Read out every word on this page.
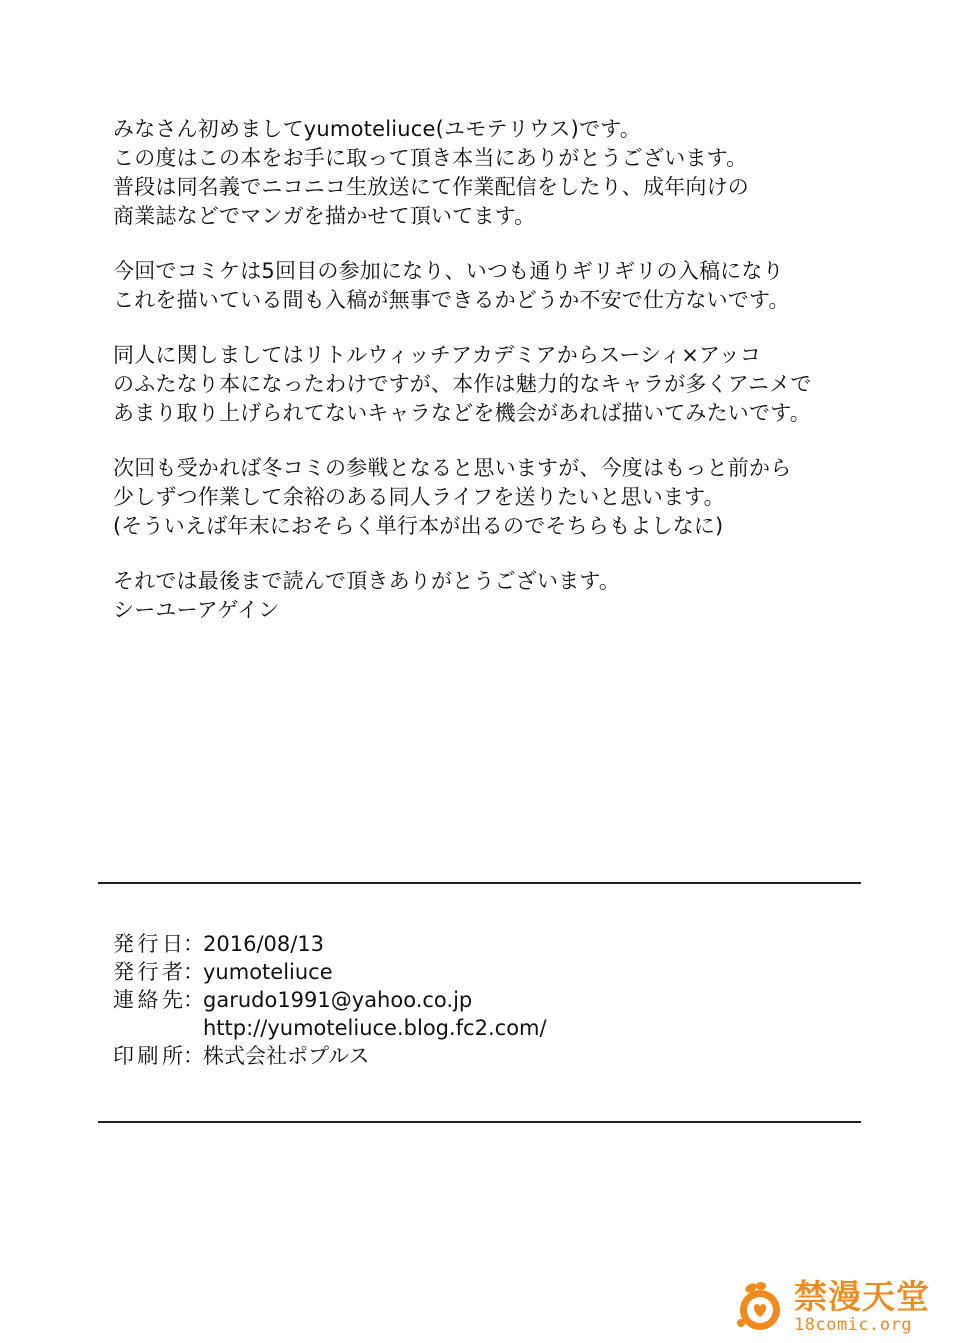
みなさん初めましてyumoteliuce(ユモテリウス)です。
この度はこの本をお手に取って頂き本当にありがとうございます。
普段は同名義でニコニコ生放送にて作業配信をしたり、成年向けの
商業誌などでマンガを描かせて頂いてます。
今回でコミケは5回目の参加になり、いつも通りギリギリの入稿になり
これを描いている間も入稿が無事できるかどうか不安で仕方ないです。
同人に関しましてはリトルウィッチアカデミアからスーシィ×アッコ
のふたなり本になったわけですが、本作は魅力的なキャラが多くアニメで
あまり取り上げられてないキャラなどを機会があれば描いてみたいです。
次回も受かれば冬コミの参戦となると思いますが、今度はもっと前から
少しずつ作業して余裕のある同人ライフを送りたいと思います。
(そういえば年末におそらく単行本が出るのでそちらもよしなに)
それでは最後まで読んで頂きありがとうございます。
シーユーアゲイン
発行日 ： 2016/08/13
発行者 ： yumoteliuce
連絡先 ： garudo1991@yahoo.co.jp
http://yumoteliuce.blog.fc2.com/
印刷所 ： 株式会社ポプルス
禁漫天堂
18comic.org
